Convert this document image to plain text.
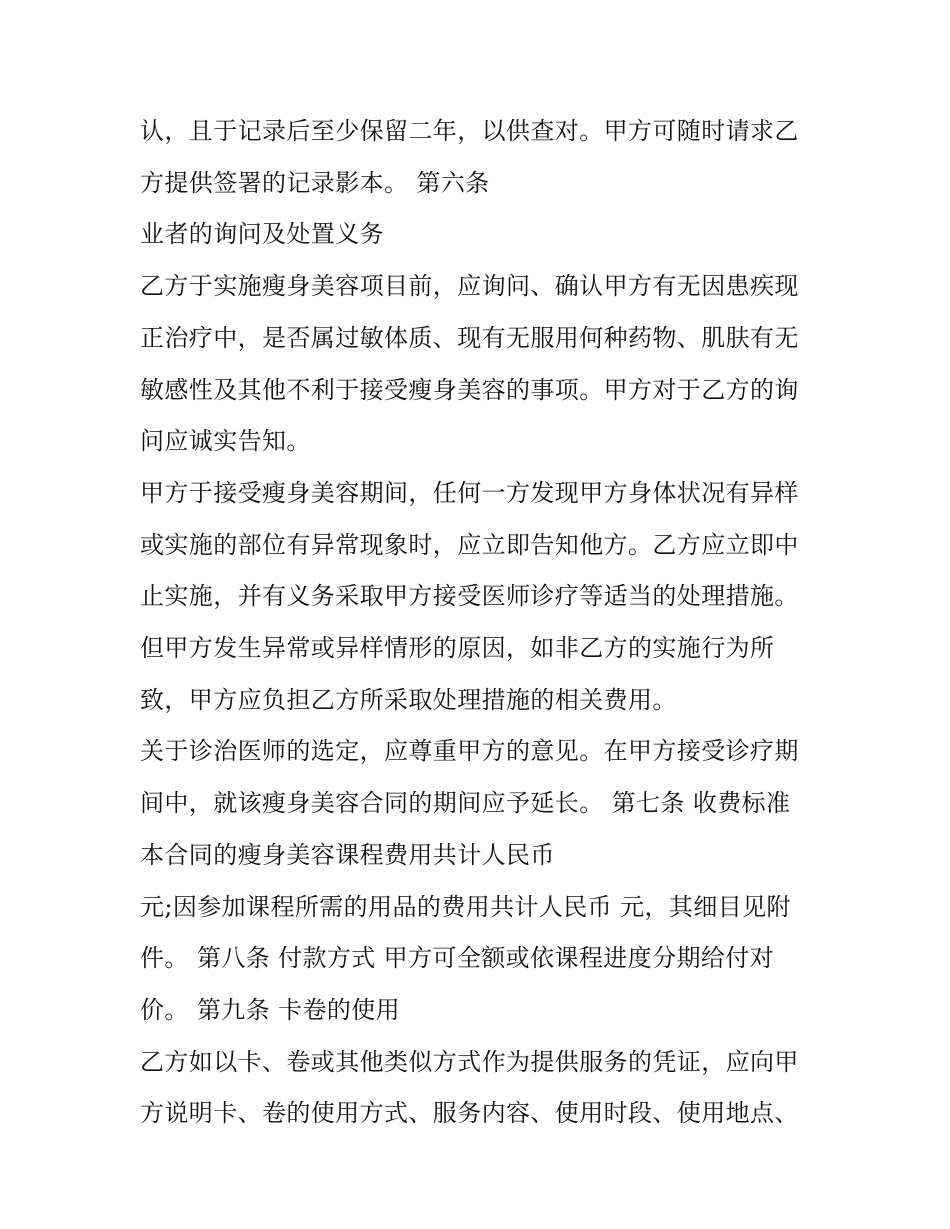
认，且于记录后至少保留二年，以供查对。甲方可随时请求乙
方提供签署的记录影本。 第六条
业者的询问及处置义务
乙方于实施瘦身美容项目前，应询问、确认甲方有无因患疾现
正治疗中，是否属过敏体质、现有无服用何种药物、肌肤有无
敏感性及其他不利于接受瘦身美容的事项。甲方对于乙方的询
问应诚实告知。
甲方于接受瘦身美容期间，任何一方发现甲方身体状况有异样
或实施的部位有异常现象时，应立即告知他方。乙方应立即中
止实施，并有义务采取甲方接受医师诊疗等适当的处理措施。
但甲方发生异常或异样情形的原因，如非乙方的实施行为所
致，甲方应负担乙方所采取处理措施的相关费用。
关于诊治医师的选定，应尊重甲方的意见。在甲方接受诊疗期
间中，就该瘦身美容合同的期间应予延长。 第七条 收费标准
本合同的瘦身美容课程费用共计人民币
元;因参加课程所需的用品的费用共计人民币 元，其细目见附
件。 第八条 付款方式 甲方可全额或依课程进度分期给付对
价。 第九条 卡卷的使用
乙方如以卡、卷或其他类似方式作为提供服务的凭证，应向甲
方说明卡、卷的使用方式、服务内容、使用时段、使用地点、
